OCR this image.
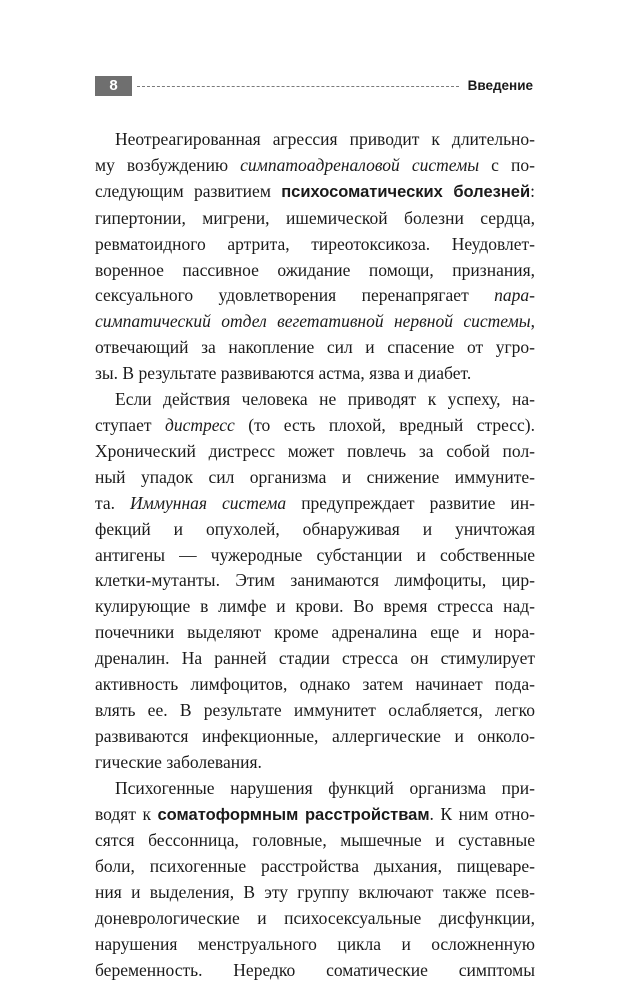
8	Введение

Неотреагированная агрессия приводит к длительно-
му возбуждению симпатоадреналовой системы с по-
следующим развитием психосоматических болезней:
гипертонии, мигрени, ишемической болезни сердца,
ревматоидного артрита, тиреотоксикоза. Неудовлет-
воренное пассивное ожидание помощи, признания,
сексуального удовлетворения перенапрягает пара-
симпатический отдел вегетативной нервной системы,
отвечающий за накопление сил и спасение от угро-
зы. В результате развиваются астма, язва и диабет.

Если действия человека не приводят к успеху, на-
ступает дистресс (то есть плохой, вредный стресс).
Хронический дистресс может повлечь за собой пол-
ный упадок сил организма и снижение иммуните-
та. Иммунная система предупреждает развитие ин-
фекций и опухолей, обнаруживая и уничтожая
антигены — чужеродные субстанции и собственные
клетки-мутанты. Этим занимаются лимфоциты, цир-
кулирующие в лимфе и крови. Во время стресса над-
почечники выделяют кроме адреналина еще и нора-
дреналин. На ранней стадии стресса он стимулирует
активность лимфоцитов, однако затем начинает пода-
влять ее. В результате иммунитет ослабляется, легко
развиваются инфекционные, аллергические и онколо-
гические заболевания.

Психогенные нарушения функций организма при-
водят к соматоформным расстройствам. К ним отно-
сятся бессонница, головные, мышечные и суставные
боли, психогенные расстройства дыхания, пищеваре-
ния и выделения, В эту группу включают также псев-
доневрологические и психосексуальные дисфункции,
нарушения менструального цикла и осложненную
беременность. Нередко соматические симптомы
